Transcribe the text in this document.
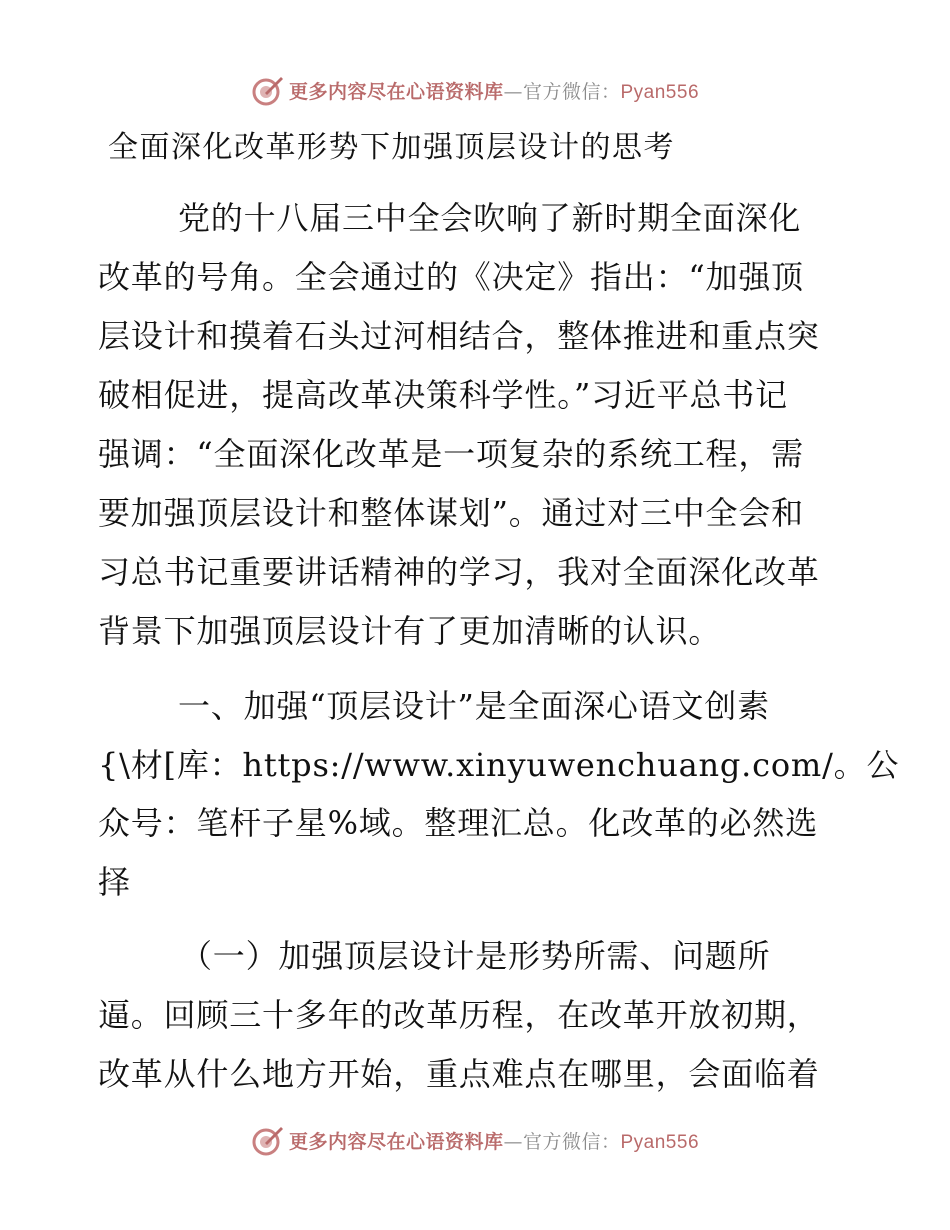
更多内容尽在心语资料库—官方微信：Pyan556
全面深化改革形势下加强顶层设计的思考
党的十八届三中全会吹响了新时期全面深化
改革的号角。全会通过的《决定》指出：“加强顶
层设计和摸着石头过河相结合，整体推进和重点突
破相促进，提高改革决策科学性。”习近平总书记
强调：“全面深化改革是一项复杂的系统工程，需
要加强顶层设计和整体谋划”。通过对三中全会和
习总书记重要讲话精神的学习，我对全面深化改革
背景下加强顶层设计有了更加清晰的认识。
一、加强“顶层设计”是全面深心语文创素
{\材[库：https://www.xinyuwenchuang.com/。公
众号：笔杆子星%域。整理汇总。化改革的必然选
择
（一）加强顶层设计是形势所需、问题所
逼。回顾三十多年的改革历程，在改革开放初期，
改革从什么地方开始，重点难点在哪里，会面临着
更多内容尽在心语资料库—官方微信：Pyan556
